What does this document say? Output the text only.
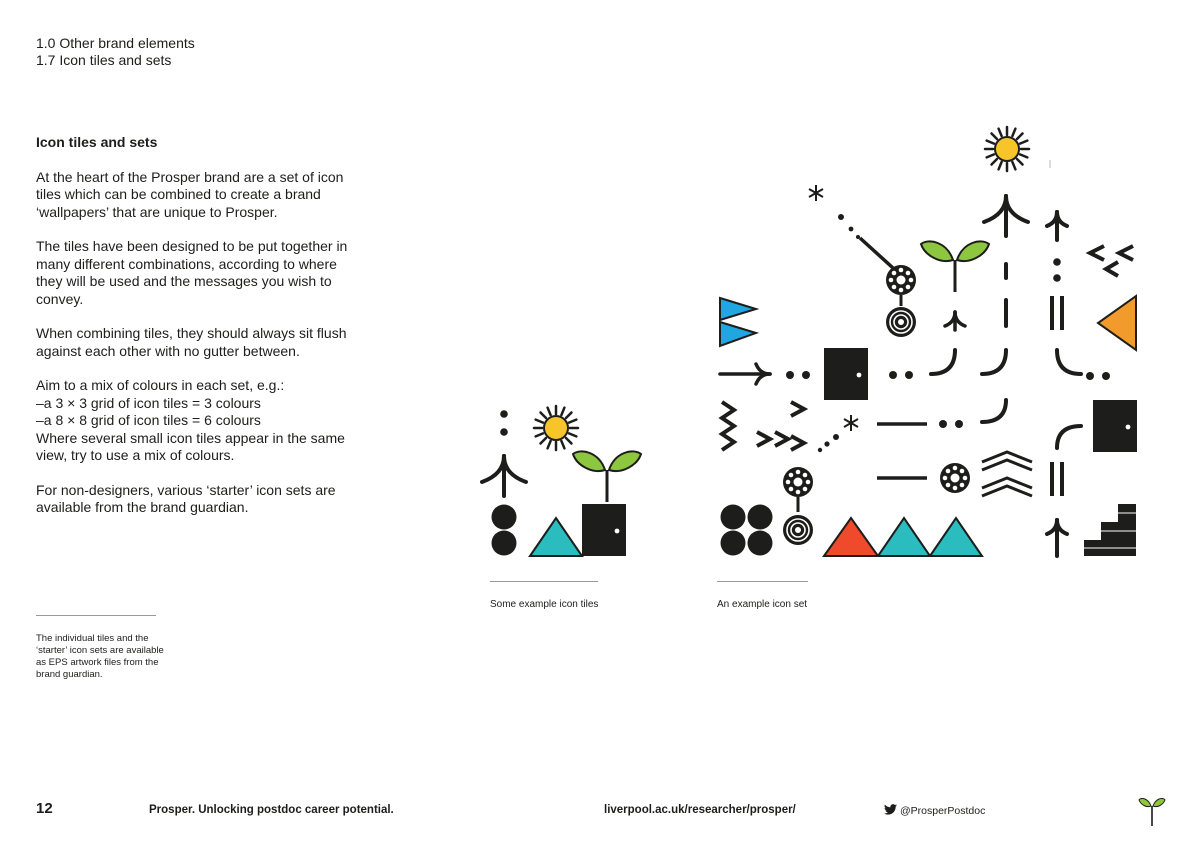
1.0 Other brand elements
1.7 Icon tiles and sets
Icon tiles and sets

At the heart of the Prosper brand are a set of icon
tiles which can be combined to create a brand
‘wallpapers’ that are unique to Prosper.

The tiles have been designed to be put together in
many different combinations, according to where
they will be used and the messages you wish to
convey.

When combining tiles, they should always sit flush
against each other with no gutter between.

Aim to a mix of colours in each set, e.g.:
–a 3 × 3 grid of icon tiles = 3 colours
–a 8 × 8 grid of icon tiles = 6 colours
Where several small icon tiles appear in the same
view, try to use a mix of colours.

For non-designers, various ‘starter’ icon sets are
available from the brand guardian.

The individual tiles and the
‘starter’ icon sets are available
as EPS artwork files from the
brand guardian.
Some example icon tiles	An example icon set
12	Prosper. Unlocking postdoc career potential.	liverpool.ac.uk/researcher/prosper/	@ProsperPostdoc
